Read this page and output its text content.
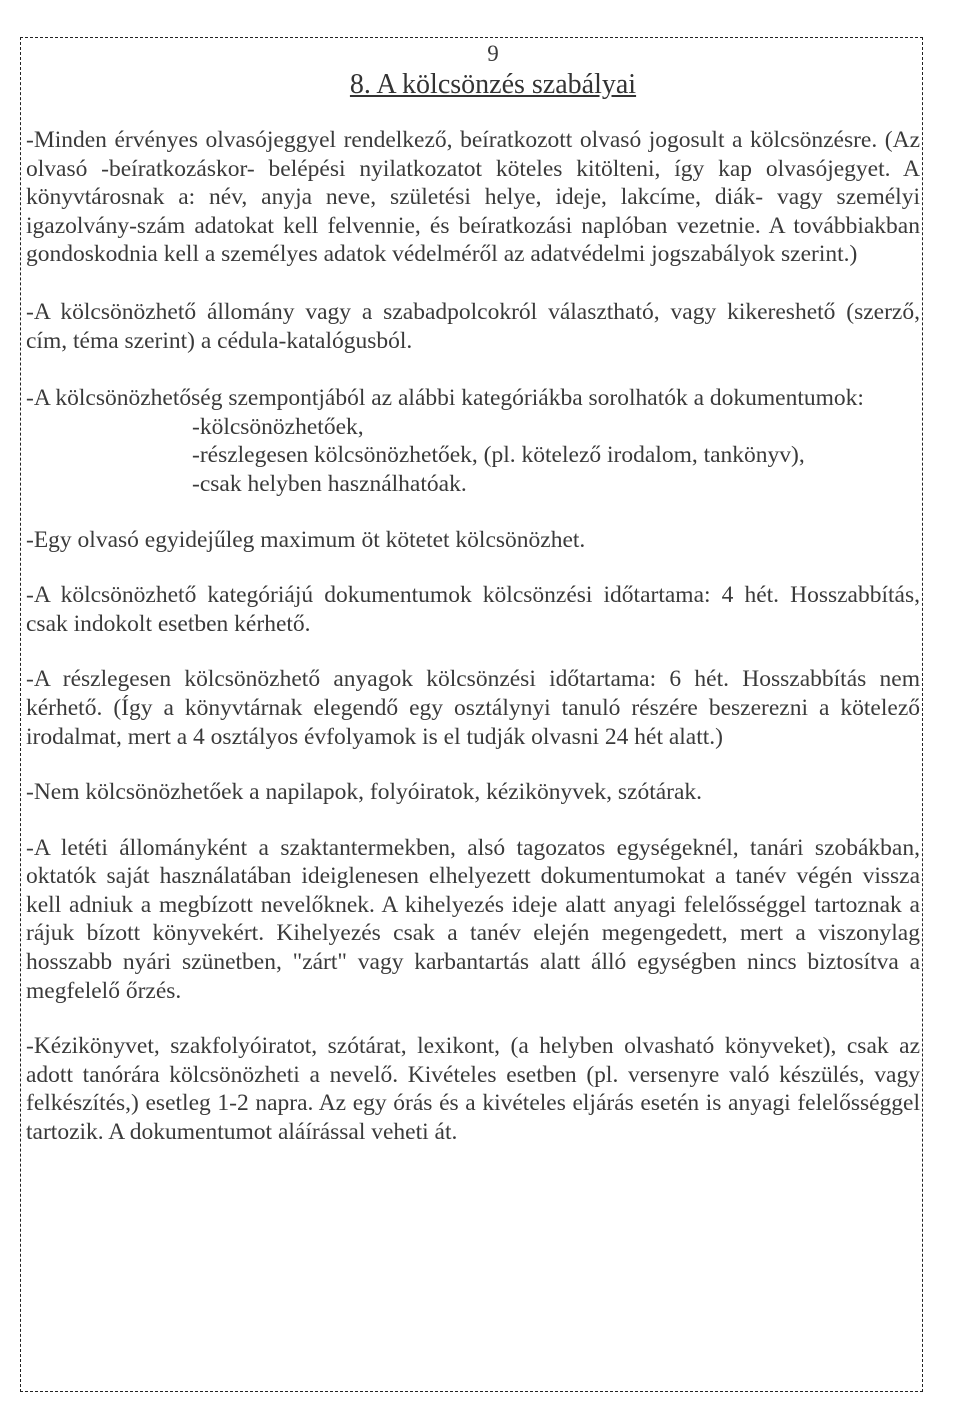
9
8. A kölcsönzés szabályai

-Minden érvényes olvasójeggyel rendelkező, beíratkozott olvasó jogosult a kölcsönzésre. (Az olvasó -beíratkozáskor- belépési nyilatkozatot köteles kitölteni, így kap olvasójegyet. A könyvtárosnak a: név, anyja neve, születési helye, ideje, lakcíme, diák- vagy személyi igazolvány-szám adatokat kell felvennie, és beíratkozási naplóban vezetnie. A továbbiakban gondoskodnia kell a személyes adatok védelméről az adatvédelmi jogszabályok szerint.)

-A kölcsönözhető állomány vagy a szabadpolcokról választható, vagy kikereshető (szerző, cím, téma szerint) a cédula-katalógusból.

-A kölcsönözhetőség szempontjából az alábbi kategóriákba sorolhatók a dokumentumok:

-kölcsönözhetőek,
-részlegesen kölcsönözhetőek, (pl. kötelező irodalom, tankönyv),
-csak helyben használhatóak.

-Egy olvasó egyidejűleg maximum öt kötetet kölcsönözhet.

-A kölcsönözhető kategóriájú dokumentumok kölcsönzési időtartama: 4 hét. Hosszabbítás, csak indokolt esetben kérhető.

-A részlegesen kölcsönözhető anyagok kölcsönzési időtartama: 6 hét. Hosszabbítás nem kérhető. (Így a könyvtárnak elegendő egy osztálynyi tanuló részére beszerezni a kötelező irodalmat, mert a 4 osztályos évfolyamok is el tudják olvasni 24 hét alatt.)

-Nem kölcsönözhetőek a napilapok, folyóiratok, kézikönyvek, szótárak.

-A letéti állományként a szaktantermekben, alsó tagozatos egységeknél, tanári szobákban, oktatók saját használatában ideiglenesen elhelyezett dokumentumokat a tanév végén vissza kell adniuk a megbízott nevelőknek. A kihelyezés ideje alatt anyagi felelősséggel tartoznak a rájuk bízott könyvekért. Kihelyezés csak a tanév elején megengedett, mert a viszonylag hosszabb nyári szünetben, "zárt" vagy karbantartás alatt álló egységben nincs biztosítva a megfelelő őrzés.

-Kézikönyvet, szakfolyóiratot, szótárat, lexikont, (a helyben olvasható könyveket), csak az adott tanórára kölcsönözheti a nevelő. Kivételes esetben (pl. versenyre való készülés, vagy felkészítés,) esetleg 1-2 napra. Az egy órás és a kivételes eljárás esetén is anyagi felelősséggel tartozik. A dokumentumot aláírással veheti át.
